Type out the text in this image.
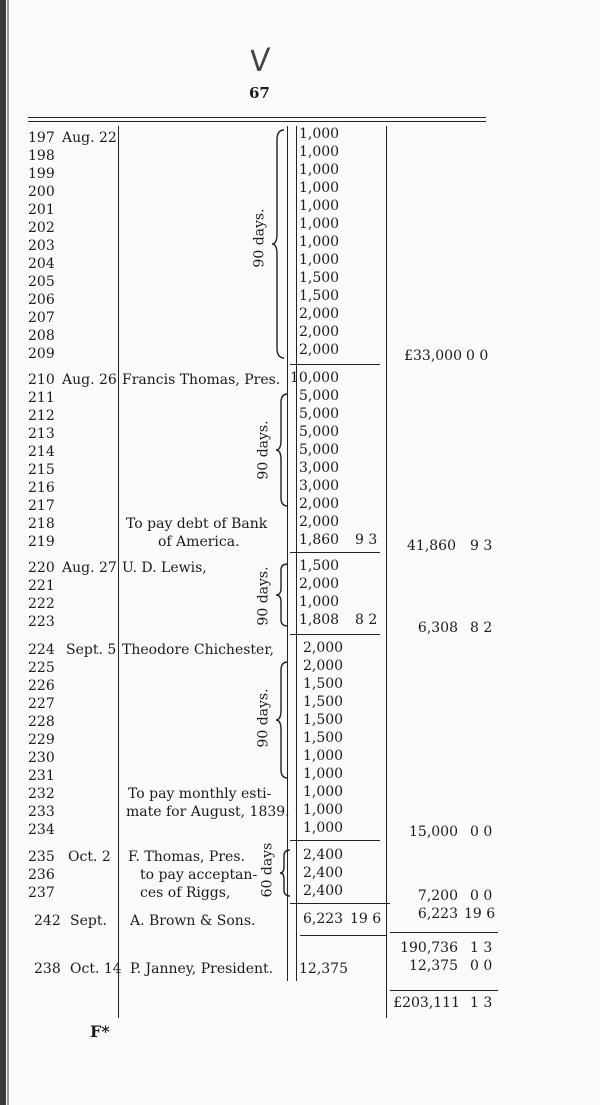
V
67
197
198
199
200
201
202
203
204
205
206
207
208
209
210
211
212
213
214
215
216
217
218
219
220
221
222
223
224
225
226
227
228
229
230
231
232
233
234
235
236
237
242
238
Aug. 22
Aug. 26
Aug. 27
Sept. 5
Oct. 2
Sept.
Oct. 14
Francis Thomas, Pres.
To pay debt of Bank
of America.
U. D. Lewis,
Theodore Chichester,
To pay monthly esti-
mate for August, 1839.
F. Thomas, Pres.
to pay acceptan-
ces of Riggs,
A. Brown & Sons.
P. Janney, President.
1,000
1,000
1,000
1,000
1,000
1,000
1,000
1,000
1,500
1,500
2,000
2,000
2,000
10,000
5,000
5,000
5,000
5,000
3,000
3,000
2,000
2,000
1,860 9 3
1,500
2,000
1,000
1,808 8 2
2,000
2,000
1,500
1,500
1,500
1,500
1,000
1,000
1,000
1,000
1,000
2,400
2,400
2,400
6,223 19 6
12,375
£33,000 0 0
41,860 9 3
6,308 8 2
15,000 0 0
7,200 0 0
6,223 19 6
190,736 1 3
12,375 0 0
£203,111 1 3
90 days.
90 days.
90 days.
90 days.
60 days
F*
